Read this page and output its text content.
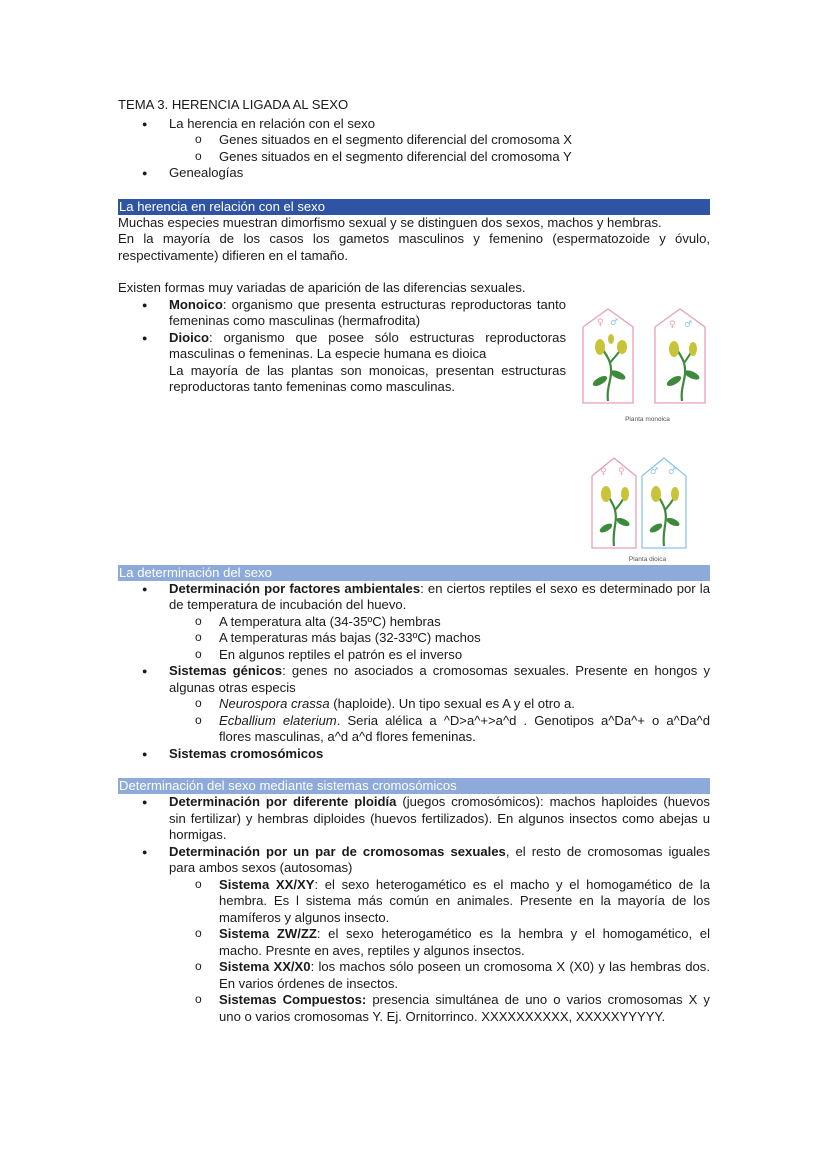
TEMA 3. HERENCIA LIGADA AL SEXO
● La herencia en relación con el sexo
o Genes situados en el segmento diferencial del cromosoma X
o Genes situados en el segmento diferencial del cromosoma Y
● Genealogías
La herencia en relación con el sexo
Muchas especies muestran dimorfismo sexual y se distinguen dos sexos, machos y hembras.
En la mayoría de los casos los gametos masculinos y femenino (espermatozoide y óvulo, respectivamente) difieren en el tamaño.
Existen formas muy variadas de aparición de las diferencias sexuales.
● Monoico: organismo que presenta estructuras reproductoras tanto femeninas como masculinas (hermafrodita)
● Dioico: organismo que posee sólo estructuras reproductoras masculinas o femeninas. La especie humana es dioica
La mayoría de las plantas son monoicas, presentan estructuras reproductoras tanto femeninas como masculinas.
La determinación del sexo
● Determinación por factores ambientales: en ciertos reptiles el sexo es determinado por la de temperatura de incubación del huevo.
o A temperatura alta (34-35ºC) hembras
o A temperaturas más bajas (32-33ºC) machos
o En algunos reptiles el patrón es el inverso
● Sistemas génicos: genes no asociados a cromosomas sexuales. Presente en hongos y algunas otras especis
o Neurospora crassa (haploide). Un tipo sexual es A y el otro a.
o Ecballium elaterium. Seria alélica a ^D>a^+>a^d . Genotipos a^Da^+ o a^Da^d flores masculinas, a^d a^d flores femeninas.
● Sistemas cromosómicos
Determinación del sexo mediante sistemas cromosómicos
● Determinación por diferente ploidía (juegos cromosómicos): machos haploides (huevos sin fertilizar) y hembras diploides (huevos fertilizados). En algunos insectos como abejas u hormigas.
● Determinación por un par de cromosomas sexuales, el resto de cromosomas iguales para ambos sexos (autosomas)
o Sistema XX/XY: el sexo heterogamético es el macho y el homogamético de la hembra. Es l sistema más común en animales. Presente en la mayoría de los mamíferos y algunos insecto.
o Sistema ZW/ZZ: el sexo heterogamético es la hembra y el homogamético, el macho. Presnte en aves, reptiles y algunos insectos.
o Sistema XX/X0: los machos sólo poseen un cromosoma X (X0) y las hembras dos. En varios órdenes de insectos.
o Sistemas Compuestos: presencia simultánea de uno o varios cromosomas X y uno o varios cromosomas Y. Ej. Ornitorrinco. XXXXXXXXXX, XXXXXYYYYY.
♀ ♂	♀ ♂
Planta monoica
♀ ♀	♂ ♂
Planta dioica
